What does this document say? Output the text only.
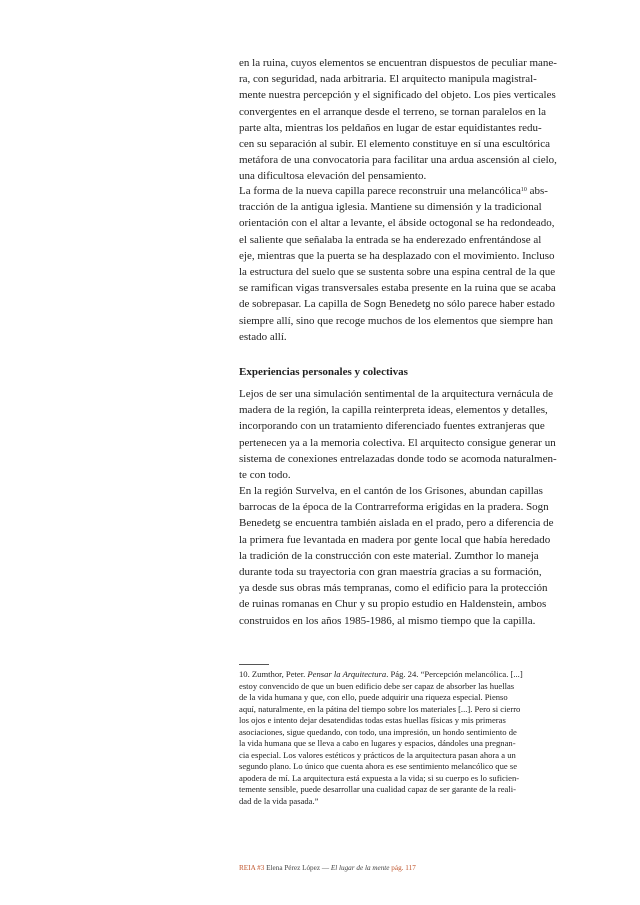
en la ruina, cuyos elementos se encuentran dispuestos de peculiar mane-
ra, con seguridad, nada arbitraria. El arquitecto manipula magistral-
mente nuestra percepción y el significado del objeto. Los pies verticales
convergentes en el arranque desde el terreno, se tornan paralelos en la
parte alta, mientras los peldaños en lugar de estar equidistantes redu-
cen su separación al subir. El elemento constituye en sí una escultórica
metáfora de una convocatoria para facilitar una ardua ascensión al cielo,
una dificultosa elevación del pensamiento.

La forma de la nueva capilla parece reconstruir una melancólica$^{10}$ abs-
tracción de la antigua iglesia. Mantiene su dimensión y la tradicional
orientación con el altar a levante, el ábside octogonal se ha redondeado,
el saliente que señalaba la entrada se ha enderezado enfrentándose al
eje, mientras que la puerta se ha desplazado con el movimiento. Incluso
la estructura del suelo que se sustenta sobre una espina central de la que
se ramifican vigas transversales estaba presente en la ruina que se acaba
de sobrepasar. La capilla de Sogn Benedetg no sólo parece haber estado
siempre allí, sino que recoge muchos de los elementos que siempre han
estado allí.

Experiencias personales y colectivas

Lejos de ser una simulación sentimental de la arquitectura vernácula de
madera de la región, la capilla reinterpreta ideas, elementos y detalles,
incorporando con un tratamiento diferenciado fuentes extranjeras que
pertenecen ya a la memoria colectiva. El arquitecto consigue generar un
sistema de conexiones entrelazadas donde todo se acomoda naturalmen-
te con todo.

En la región Survelva, en el cantón de los Grisones, abundan capillas
barrocas de la época de la Contrarreforma erigidas en la pradera. Sogn
Benedetg se encuentra también aislada en el prado, pero a diferencia de
la primera fue levantada en madera por gente local que había heredado
la tradición de la construcción con este material. Zumthor lo maneja
durante toda su trayectoria con gran maestría gracias a su formación,
ya desde sus obras más tempranas, como el edificio para la protección
de ruinas romanas en Chur y su propio estudio en Haldenstein, ambos
construidos en los años 1985-1986, al mismo tiempo que la capilla.

10. Zumthor, Peter. Pensar la Arquitectura. Pág. 24. “Percepción melancólica. [...]
estoy convencido de que un buen edificio debe ser capaz de absorber las huellas
de la vida humana y que, con ello, puede adquirir una riqueza especial. Pienso
aquí, naturalmente, en la pátina del tiempo sobre los materiales [...]. Pero si cierro
los ojos e intento dejar desatendidas todas estas huellas físicas y mis primeras
asociaciones, sigue quedando, con todo, una impresión, un hondo sentimiento de
la vida humana que se lleva a cabo en lugares y espacios, dándoles una pregnan-
cia especial. Los valores estéticos y prácticos de la arquitectura pasan ahora a un
segundo plano. Lo único que cuenta ahora es ese sentimiento melancólico que se
apodera de mí. La arquitectura está expuesta a la vida; si su cuerpo es lo suficien-
temente sensible, puede desarrollar una cualidad capaz de ser garante de la reali-
dad de la vida pasada.”

REIA #3 Elena Pérez López — El lugar de la mente pág. 117
